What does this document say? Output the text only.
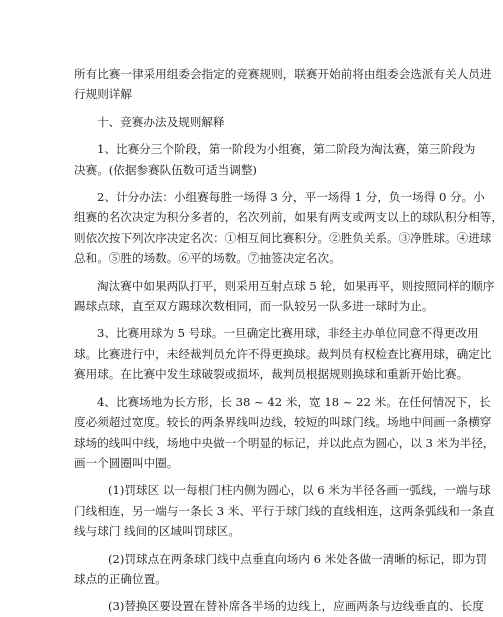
所有比赛一律采用组委会指定的竞赛规则，联赛开始前将由组委会选派有关人员进
行规则详解
十、竞赛办法及规则解释
1、比赛分三个阶段，第一阶段为小组赛，第二阶段为淘汰赛，第三阶段为
决赛。(依据参赛队伍数可适当调整)
2、计分办法：小组赛每胜一场得 3 分，平一场得 1 分，负一场得 0 分。小
组赛的名次决定为积分多者的，名次列前，如果有两支或两支以上的球队积分相等，
则依次按下列次序决定名次：①相互间比赛积分。②胜负关系。③净胜球。④进球
总和。⑤胜的场数。⑥平的场数。⑦抽签决定名次。
淘汰赛中如果两队打平，则采用互射点球 5 轮，如果再平，则按照同样的顺序
踢球点球，直至双方踢球次数相同，而一队较另一队多进一球时为止。
3、比赛用球为 5 号球。一旦确定比赛用球，非经主办单位同意不得更改用
球。比赛进行中，未经裁判员允许不得更换球。裁判员有权检查比赛用球，确定比
赛用球。在比赛中发生球破裂或损坏，裁判员根据规则换球和重新开始比赛。
4、比赛场地为长方形，长 38 ~ 42 米，宽 18 ~ 22 米。在任何情况下，长
度必须超过宽度。较长的两条界线叫边线，较短的叫球门线。场地中间画一条横穿
球场的线叫中线，场地中央做一个明显的标记，并以此点为圆心，以 3 米为半径，
画一个圆圈叫中圈。
(1)罚球区 以一每根门柱内侧为圆心，以 6 米为半径各画一弧线，一端与球
门线相连，另一端与一条长 3 米、平行于球门线的直线相连，这两条弧线和一条直
线与球门 线间的区域叫罚球区。
(2)罚球点在两条球门线中点垂直向场内 6 米处各做一清晰的标记，即为罚
球点的正确位置。
(3)替换区要设置在替补席各半场的边线上，应画两条与边线垂直的、长度
